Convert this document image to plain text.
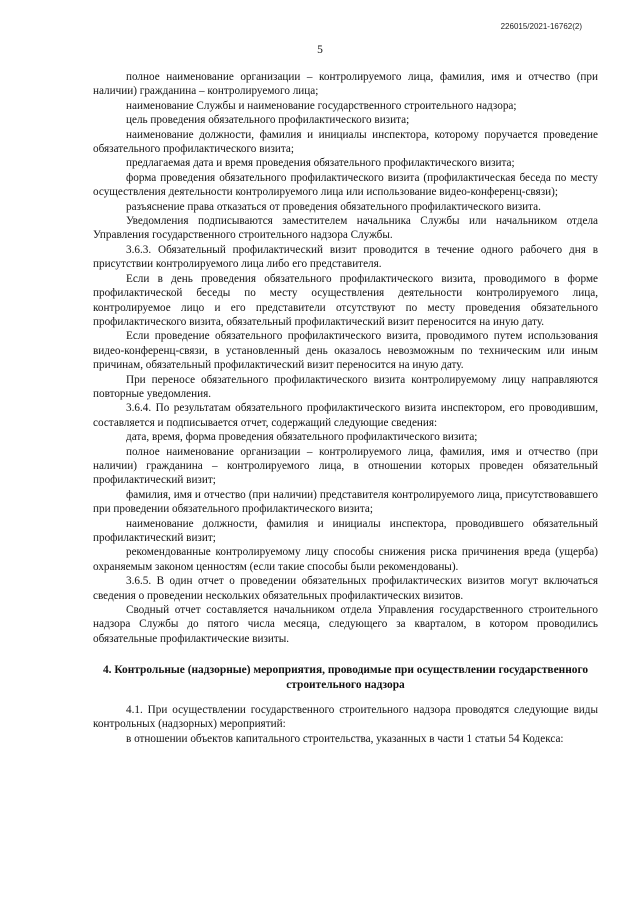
226015/2021-16762(2)
5

полное наименование организации – контролируемого лица, фамилия, имя и отчество (при наличии) гражданина – контролируемого лица;

наименование Службы и наименование государственного строительного надзора;

цель проведения обязательного профилактического визита;

наименование должности, фамилия и инициалы инспектора, которому поручается проведение обязательного профилактического визита;

предлагаемая дата и время проведения обязательного профилактического визита;

форма проведения обязательного профилактического визита (профилактическая беседа по месту осуществления деятельности контролируемого лица или использование видео-конференц-связи);

разъяснение права отказаться от проведения обязательного профилактического визита.

Уведомления подписываются заместителем начальника Службы или начальником отдела Управления государственного строительного надзора Службы.

3.6.3. Обязательный профилактический визит проводится в течение одного рабочего дня в присутствии контролируемого лица либо его представителя.

Если в день проведения обязательного профилактического визита, проводимого в форме профилактической беседы по месту осуществления деятельности контролируемого лица, контролируемое лицо и его представители отсутствуют по месту проведения обязательного профилактического визита, обязательный профилактический визит переносится на иную дату.

Если проведение обязательного профилактического визита, проводимого путем использования видео-конференц-связи, в установленный день оказалось невозможным по техническим или иным причинам, обязательный профилактический визит переносится на иную дату.

При переносе обязательного профилактического визита контролируемому лицу направляются повторные уведомления.

3.6.4. По результатам обязательного профилактического визита инспектором, его проводившим, составляется и подписывается отчет, содержащий следующие сведения:

дата, время, форма проведения обязательного профилактического визита;

полное наименование организации – контролируемого лица, фамилия, имя и отчество (при наличии) гражданина – контролируемого лица, в отношении которых проведен обязательный профилактический визит;

фамилия, имя и отчество (при наличии) представителя контролируемого лица, присутствовавшего при проведении обязательного профилактического визита;

наименование должности, фамилия и инициалы инспектора, проводившего обязательный профилактический визит;

рекомендованные контролируемому лицу способы снижения риска причинения вреда (ущерба) охраняемым законом ценностям (если такие способы были рекомендованы).

3.6.5. В один отчет о проведении обязательных профилактических визитов могут включаться сведения о проведении нескольких обязательных профилактических визитов.

Сводный отчет составляется начальником отдела Управления государственного строительного надзора Службы до пятого числа месяца, следующего за кварталом, в котором проводились обязательные профилактические визиты.

4. Контрольные (надзорные) мероприятия, проводимые при осуществлении государственного строительного надзора

4.1. При осуществлении государственного строительного надзора проводятся следующие виды контрольных (надзорных) мероприятий:

в отношении объектов капитального строительства, указанных в части 1 статьи 54 Кодекса:
